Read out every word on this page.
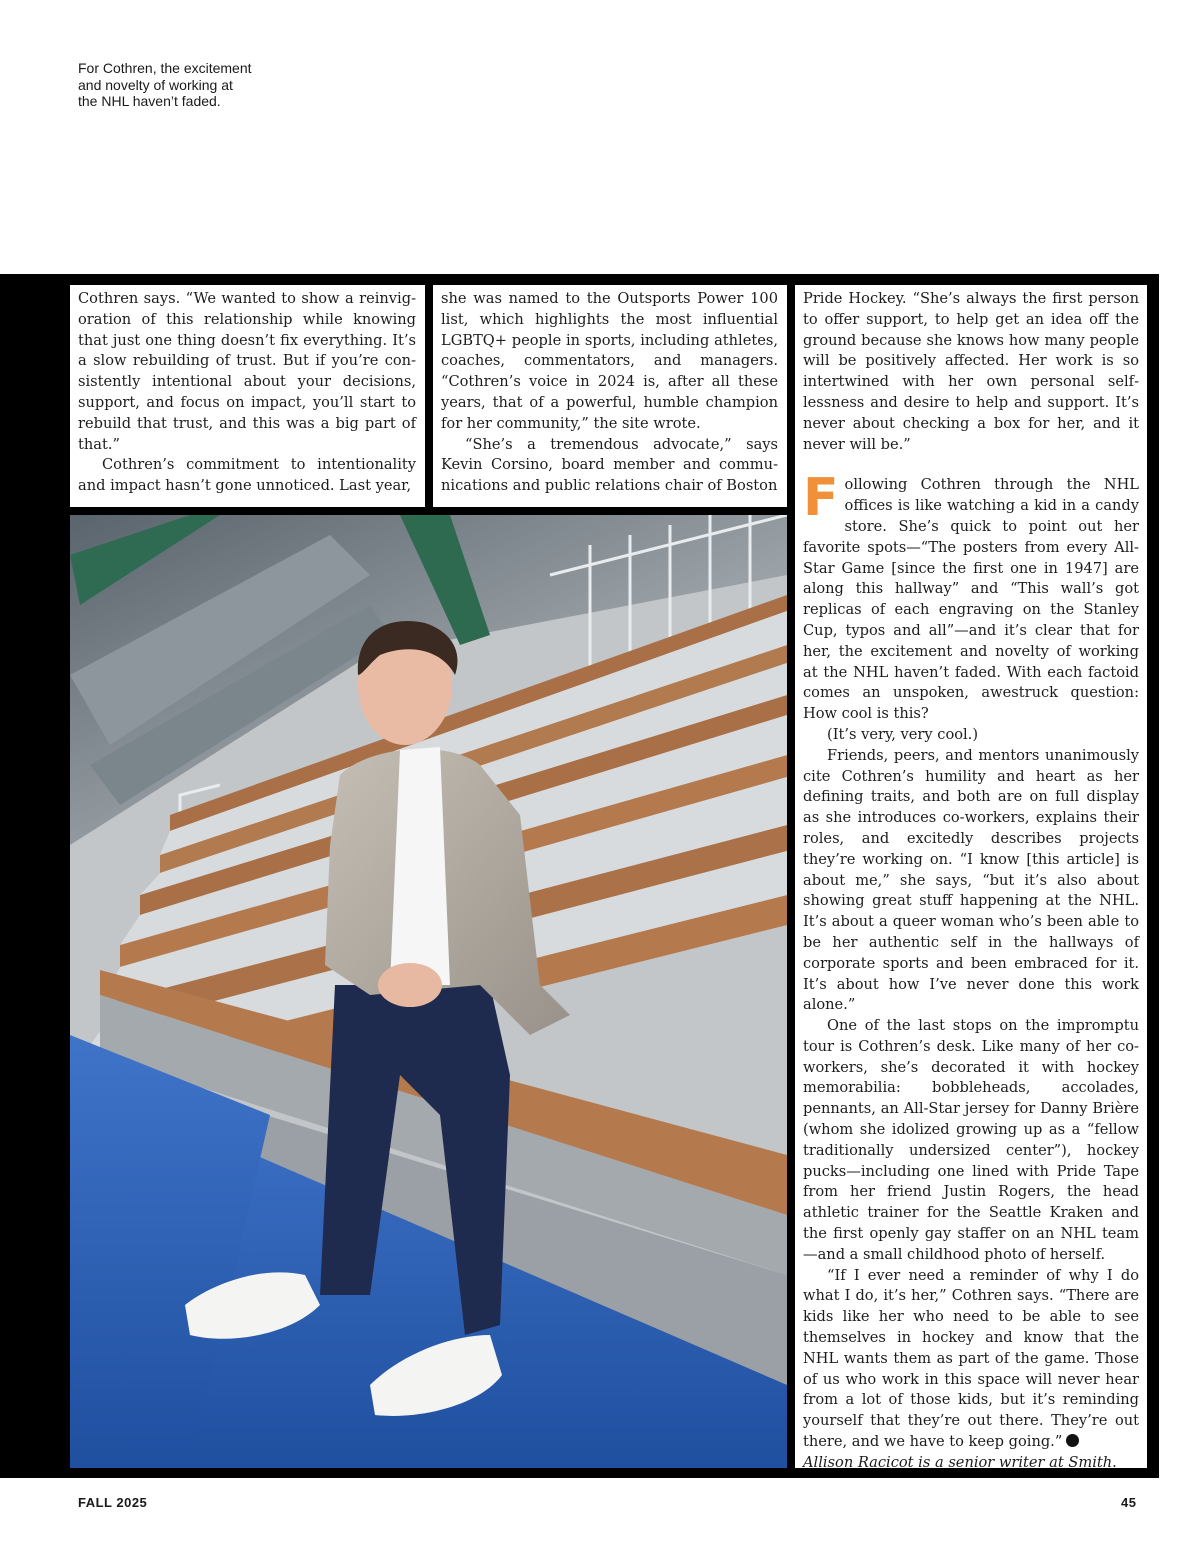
For Cothren, the excitement and novelty of working at the NHL haven’t faded.

Cothren says. “We wanted to show a reinvigoration of this relationship while knowing that just one thing doesn’t fix everything. It’s a slow rebuilding of trust. But if you’re consistently intentional about your decisions, support, and focus on impact, you’ll start to rebuild that trust, and this was a big part of that.”

Cothren’s commitment to intentionality and impact hasn’t gone unnoticed. Last year,

she was named to the Outsports Power 100 list, which highlights the most influential LGBTQ+ people in sports, including athletes, coaches, commentators, and managers. “Cothren’s voice in 2024 is, after all these years, that of a powerful, humble champion for her community,” the site wrote.

“She’s a tremendous advocate,” says Kevin Corsino, board member and communications and public relations chair of Boston

Pride Hockey. “She’s always the first person to offer support, to help get an idea off the ground because she knows how many people will be positively affected. Her work is so intertwined with her own personal selflessness and desire to help and support. It’s never about checking a box for her, and it never will be.”

Following Cothren through the NHL offices is like watching a kid in a candy store. She’s quick to point out her favorite spots—“The posters from every All-Star Game [since the first one in 1947] are along this hallway” and “This wall’s got replicas of each engraving on the Stanley Cup, typos and all”—and it’s clear that for her, the excitement and novelty of working at the NHL haven’t faded. With each factoid comes an unspoken, awestruck question: How cool is this?

(It’s very, very cool.)

Friends, peers, and mentors unanimously cite Cothren’s humility and heart as her defining traits, and both are on full display as she introduces co-workers, explains their roles, and excitedly describes projects they’re working on. “I know [this article] is about me,” she says, “but it’s also about showing great stuff happening at the NHL. It’s about a queer woman who’s been able to be her authentic self in the hallways of corporate sports and been embraced for it. It’s about how I’ve never done this work alone.”

One of the last stops on the impromptu tour is Cothren’s desk. Like many of her co-workers, she’s decorated it with hockey memorabilia: bobbleheads, accolades, pennants, an All-Star jersey for Danny Brière (whom she idolized growing up as a “fellow traditionally undersized center”), hockey pucks—including one lined with Pride Tape from her friend Justin Rogers, the head athletic trainer for the Seattle Kraken and the first openly gay staffer on an NHL team—and a small childhood photo of herself.

“If I ever need a reminder of why I do what I do, it’s her,” Cothren says. “There are kids like her who need to be able to see themselves in hockey and know that the NHL wants them as part of the game. Those of us who work in this space will never hear from a lot of those kids, but it’s reminding yourself that they’re out there. They’re out there, and we have to keep going.”

Allison Racicot is a senior writer at Smith.

FALL 2025	45
